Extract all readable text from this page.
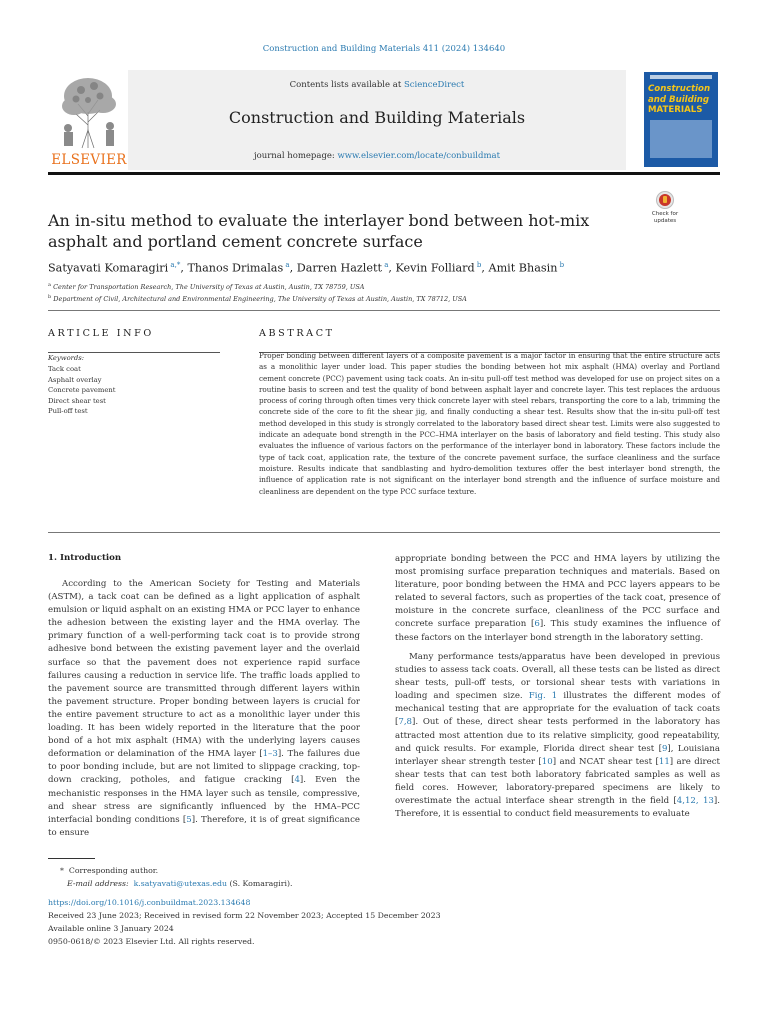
Construction and Building Materials 411 (2024) 134640
ELSEVIER
Contents lists available at ScienceDirect
Construction and Building Materials
journal homepage: www.elsevier.com/locate/conbuildmat
Construction
and Building
MATERIALS
An in-situ method to evaluate the interlayer bond between hot-mix asphalt and portland cement concrete surface
Check for
updates
Satyavati Komaragiri $^{a,*}$, Thanos Drimalas $^a$, Darren Hazlett $^a$, Kevin Folliard $^b$, Amit Bhasin $^b$
$^a$ Center for Transportation Research, The University of Texas at Austin, Austin, TX 78759, USA
$^b$ Department of Civil, Architectural and Environmental Engineering, The University of Texas at Austin, Austin, TX 78712, USA
ARTICLE INFO
Keywords:
Tack coat
Asphalt overlay
Concrete pavement
Direct shear test
Pull-off test
ABSTRACT
Proper bonding between different layers of a composite pavement is a major factor in ensuring that the entire structure acts as a monolithic layer under load. This paper studies the bonding between hot mix asphalt (HMA) overlay and Portland cement concrete (PCC) pavement using tack coats. An in-situ pull-off test method was developed for use on project sites on a routine basis to screen and test the quality of bond between asphalt layer and concrete layer. This test replaces the arduous process of coring through often times very thick concrete layer with steel rebars, transporting the core to a lab, trimming the concrete side of the core to fit the shear jig, and finally conducting a shear test. Results show that the in-situ pull-off test method developed in this study is strongly correlated to the laboratory based direct shear test. Limits were also suggested to indicate an adequate bond strength in the PCC–HMA interlayer on the basis of laboratory and field testing. This study also evaluates the influence of various factors on the performance of the interlayer bond in laboratory. These factors include the type of tack coat, application rate, the texture of the concrete pavement surface, the surface cleanliness and the surface moisture. Results indicate that sandblasting and hydro-demolition textures offer the best interlayer bond strength, the influence of application rate is not significant on the interlayer bond strength and the influence of surface moisture and cleanliness are dependent on the type PCC surface texture.
1. Introduction
According to the American Society for Testing and Materials (ASTM), a tack coat can be defined as a light application of asphalt emulsion or liquid asphalt on an existing HMA or PCC layer to enhance the adhesion between the existing layer and the HMA overlay. The primary function of a well-performing tack coat is to provide strong adhesive bond between the existing pavement layer and the overlaid surface so that the pavement does not experience rapid surface failures causing a reduction in service life. The traffic loads applied to the pavement source are transmitted through different layers within the pavement structure. Proper bonding between layers is crucial for the entire pavement structure to act as a monolithic layer under this loading. It has been widely reported in the literature that the poor bond of a hot mix asphalt (HMA) with the underlying layers causes deformation or delamination of the HMA layer [1–3]. The failures due to poor bonding include, but are not limited to slippage cracking, top-down cracking, potholes, and fatigue cracking [4]. Even the mechanistic responses in the HMA layer such as tensile, compressive, and shear stress are significantly influenced by the HMA–PCC interfacial bonding conditions [5]. Therefore, it is of great significance to ensure
appropriate bonding between the PCC and HMA layers by utilizing the most promising surface preparation techniques and materials. Based on literature, poor bonding between the HMA and PCC layers appears to be related to several factors, such as properties of the tack coat, presence of moisture in the concrete surface, cleanliness of the PCC surface and concrete surface preparation [6]. This study examines the influence of these factors on the interlayer bond strength in the laboratory setting.
Many performance tests/apparatus have been developed in previous studies to assess tack coats. Overall, all these tests can be listed as direct shear tests, pull-off tests, or torsional shear tests with variations in loading and specimen size. Fig. 1 illustrates the different modes of mechanical testing that are appropriate for the evaluation of tack coats [7,8]. Out of these, direct shear tests performed in the laboratory has attracted most attention due to its relative simplicity, good repeatability, and quick results. For example, Florida direct shear test [9], Louisiana interlayer shear strength tester [10] and NCAT shear test [11] are direct shear tests that can test both laboratory fabricated samples as well as field cores. However, laboratory-prepared specimens are likely to overestimate the actual interface shear strength in the field [4,12, 13]. Therefore, it is essential to conduct field measurements to evaluate
* Corresponding author.
E-mail address: k.satyavati@utexas.edu (S. Komaragiri).
https://doi.org/10.1016/j.conbuildmat.2023.134648
Received 23 June 2023; Received in revised form 22 November 2023; Accepted 15 December 2023
Available online 3 January 2024
0950-0618/© 2023 Elsevier Ltd. All rights reserved.
